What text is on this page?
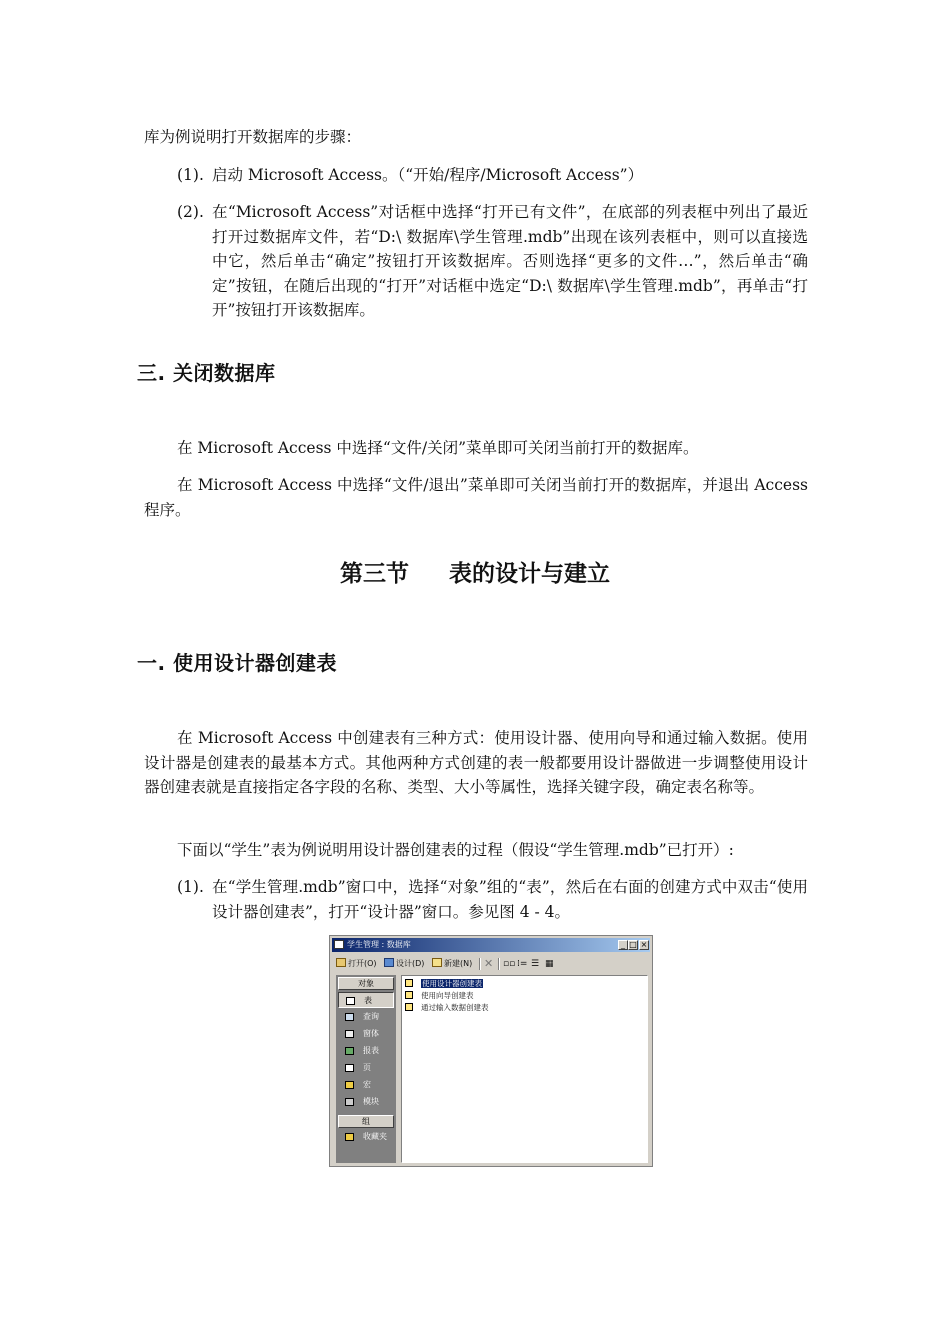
库为例说明打开数据库的步骤：
(1). 启动 Microsoft Access。（“开始/程序/Microsoft Access”）
(2). 在“Microsoft Access”对话框中选择“打开已有文件”，在底部的列表框中列出了最近打开过数据库文件，若“D:\ 数据库\学生管理.mdb”出现在该列表框中，则可以直接选中它，然后单击“确定”按钮打开该数据库。否则选择“更多的文件…”，然后单击“确定”按钮，在随后出现的“打开”对话框中选定“D:\ 数据库\学生管理.mdb”，再单击“打开”按钮打开该数据库。
三. 关闭数据库
在 Microsoft Access 中选择“文件/关闭”菜单即可关闭当前打开的数据库。
在 Microsoft Access 中选择“文件/退出”菜单即可关闭当前打开的数据库，并退出 Access 程序。
第三节 表的设计与建立
一. 使用设计器创建表
在 Microsoft Access 中创建表有三种方式：使用设计器、使用向导和通过输入数据。使用设计器是创建表的最基本方式。其他两种方式创建的表一般都要用设计器做进一步调整使用设计器创建表就是直接指定各字段的名称、类型、大小等属性，选择关键字段，确定表名称等。
下面以“学生”表为例说明用设计器创建表的过程（假设“学生管理.mdb”已打开）:
(1). 在“学生管理.mdb”窗口中，选择“对象”组的“表”，然后在右面的创建方式中双击“使用设计器创建表”，打开“设计器”窗口。参见图 4 - 4。
学生管理 : 数据库	_ □ ×
打开(O)	设计(D)	新建(N) ✕ ▫▫ ⁞= ☰ ▦
对象
表
查询
窗体
报表
页
宏
模块
组
收藏夹
使用设计器创建表
使用向导创建表
通过输入数据创建表
